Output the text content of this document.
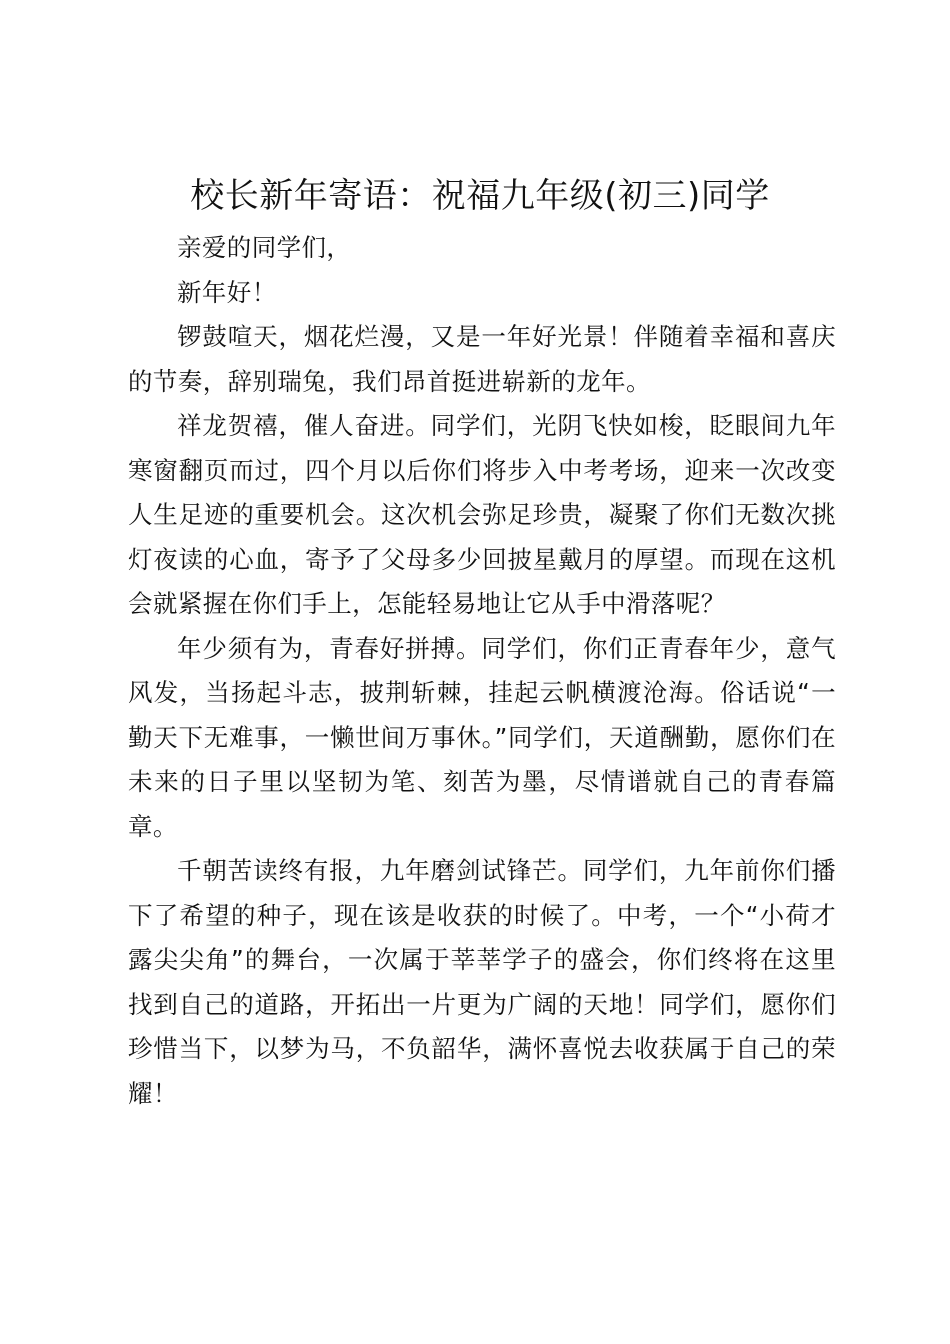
校长新年寄语：祝福九年级(初三)同学

亲爱的同学们，

新年好！

锣鼓喧天，烟花烂漫，又是一年好光景！伴随着幸福和喜庆的节奏，辞别瑞兔，我们昂首挺进崭新的龙年。

祥龙贺禧，催人奋进。同学们，光阴飞快如梭，眨眼间九年寒窗翻页而过，四个月以后你们将步入中考考场，迎来一次改变人生足迹的重要机会。这次机会弥足珍贵，凝聚了你们无数次挑灯夜读的心血，寄予了父母多少回披星戴月的厚望。而现在这机会就紧握在你们手上，怎能轻易地让它从手中滑落呢？

年少须有为，青春好拼搏。同学们，你们正青春年少，意气风发，当扬起斗志，披荆斩棘，挂起云帆横渡沧海。俗话说“一勤天下无难事，一懒世间万事休。”同学们，天道酬勤，愿你们在未来的日子里以坚韧为笔、刻苦为墨，尽情谱就自己的青春篇章。

千朝苦读终有报，九年磨剑试锋芒。同学们，九年前你们播下了希望的种子，现在该是收获的时候了。中考，一个“小荷才露尖尖角”的舞台，一次属于莘莘学子的盛会，你们终将在这里找到自己的道路，开拓出一片更为广阔的天地！同学们，愿你们珍惜当下，以梦为马，不负韶华，满怀喜悦去收获属于自己的荣耀！
